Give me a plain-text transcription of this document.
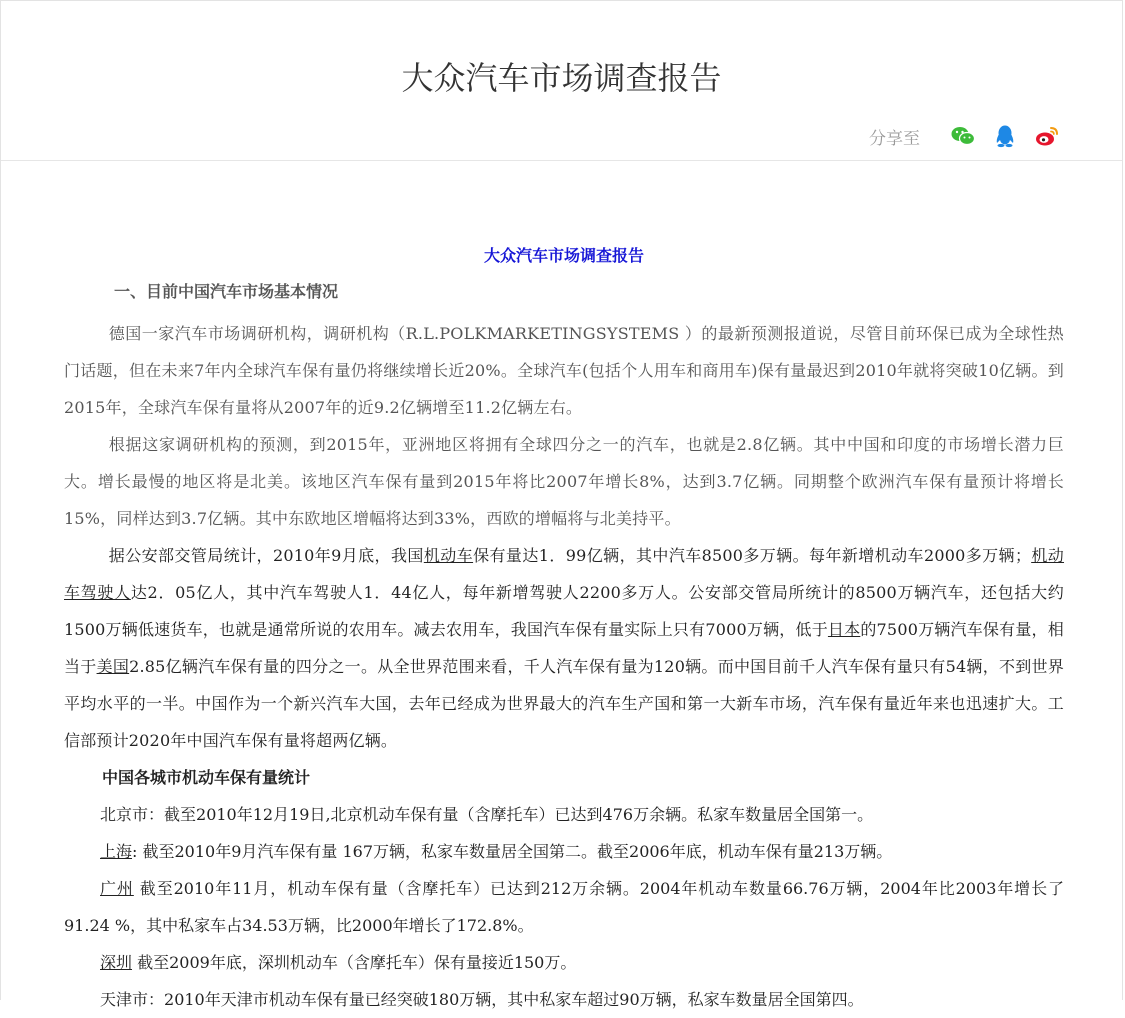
大众汽车市场调查报告
分享至
大众汽车市场调查报告
一、目前中国汽车市场基本情况

德国一家汽车市场调研机构，调研机构（R.L.POLKMARKETINGSYSTEMS ）的最新预测报道说，尽管目前环保已成为全球性热门话题，但在未来7年内全球汽车保有量仍将继续增长近20%。全球汽车(包括个人用车和商用车)保有量最迟到2010年就将突破10亿辆。到2015年，全球汽车保有量将从2007年的近9.2亿辆增至11.2亿辆左右。

根据这家调研机构的预测，到2015年，亚洲地区将拥有全球四分之一的汽车，也就是2.8亿辆。其中中国和印度的市场增长潜力巨大。增长最慢的地区将是北美。该地区汽车保有量到2015年将比2007年增长8%，达到3.7亿辆。同期整个欧洲汽车保有量预计将增长15%，同样达到3.7亿辆。其中东欧地区增幅将达到33%，西欧的增幅将与北美持平。

据公安部交管局统计，2010年9月底，我国机动车保有量达1．99亿辆，其中汽车8500多万辆。每年新增机动车2000多万辆；机动车驾驶人达2．05亿人，其中汽车驾驶人1．44亿人，每年新增驾驶人2200多万人。公安部交管局所统计的8500万辆汽车，还包括大约1500万辆低速货车，也就是通常所说的农用车。减去农用车，我国汽车保有量实际上只有7000万辆，低于日本的7500万辆汽车保有量，相当于美国2.85亿辆汽车保有量的四分之一。从全世界范围来看，千人汽车保有量为120辆。而中国目前千人汽车保有量只有54辆，不到世界平均水平的一半。中国作为一个新兴汽车大国，去年已经成为世界最大的汽车生产国和第一大新车市场，汽车保有量近年来也迅速扩大。工信部预计2020年中国汽车保有量将超两亿辆。

中国各城市机动车保有量统计

北京市：截至2010年12月19日,北京机动车保有量（含摩托车）已达到476万余辆。私家车数量居全国第一。

上海: 截至2010年9月汽车保有量 167万辆，私家车数量居全国第二。截至2006年底，机动车保有量213万辆。

广州 截至2010年11月，机动车保有量（含摩托车）已达到212万余辆。2004年机动车数量66.76万辆，2004年比2003年增长了 91.24 %，其中私家车占34.53万辆，比2000年增长了172.8%。

深圳 截至2009年底，深圳机动车（含摩托车）保有量接近150万。

天津市：2010年天津市机动车保有量已经突破180万辆，其中私家车超过90万辆，私家车数量居全国第四。
